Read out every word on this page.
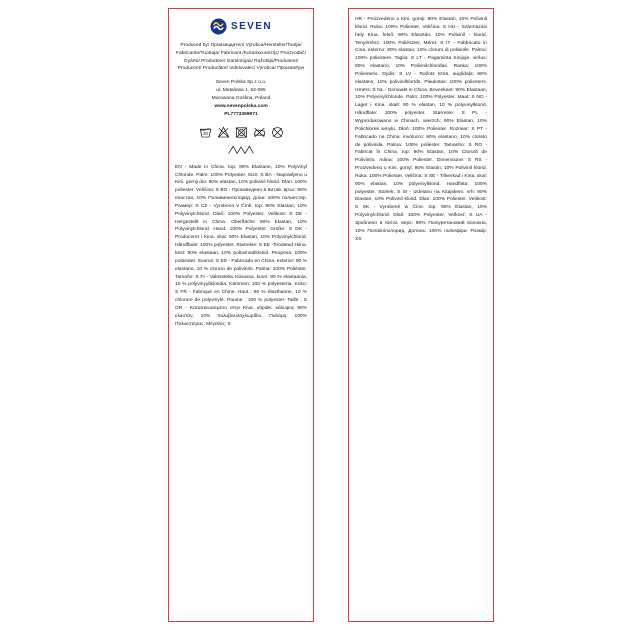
SEVEN
Produced by/ Производител/ Výrobca/Hersteller/Tootja/ Fabricante/Tuottaja/ Fabricant /Κατασκευαστής/ Proizvođač/ Gyártó/ Produttore/ Gamintojas/ Ražotājs/Produsent/ Producent/ Producător/ Izdelovalec/ Výrobca/ Произвођач
Seven Polska Sp z o.o.
ul. Metalowa 1, 62-095
Murowana Goślina, Poland
www.sevenpolska.com
PL7773359971
30
EN - Made in China. top: 90% Elastane, 10% Polyvinyl Chloride. Palm: 100% Polyester. Size: S BA - Napravljeno u Kini. gornji dio: 90% elastan, 10% polivinil hlorid. Dlan: 100% poliester. Veličina: S BG - Произведено в Китай. връх: 90% еластан, 10% Поливинилхлорид. длан: 100% полиестер. Размер: S CZ - Vyrobeno v Číně. top: 90% Elastan, 10% Polyvinylchlorid. Dlaň: 100% Polyester. Velikost: S DE - Hergestellt in China. Oberfläche 90% Elastan, 10% Polyvinylchlorid. Hand: 100% Polyester. Größe: S DK - Produceret i Kina. skal: 90% Elastan, 10% Polyvinylchlorid. Håndflade: 100% polyester. Størrelse: S EE -Toodetud Hiina. kest: 90% elastaan, 10% polüvinüülkloriid. Peopesa: 100% polüester. Suurus: S ES - Fabricado en China. exterior: 90 % elastano, 10 % cloruro de polivinilo. Palma: 100% Poliéster. Tamaño: S FI - Valmistettu Kiinassa. kuori: 90 % elastaania, 10 % polyvinyylikloridia. Kämmen: 100 % polyesteria. Koko: S FR - Fabriqué en Chine. Haut : 90 % élasthanne, 10 % chlorure de polyvinyle. Paume : 100 % polyester. Taille : S GR - Κατασκευασμένο στην Κίνα. vitρίde: κάλυψος 90% ελαστάν, 10% πολυβινυλοχλωρίδιο. Παλάμη: 100% Πολυεστέρας. Μέγεθος: S
HR - Proizvedeno u Kini. gornji: 90% Elastan, 10% Polivinil klorid. Ruka: 100% Poliester, Veličina: S HU - Származási hely Kína. felső: 90% Elasztán, 10% Polivinil - klorid. Tenyérrész: 100% Poliészter, Méret: S IT - Fabbricato in Cina. esterno: 90% elastan, 10% cloruro di polivinile. Palmo: 100% poliestere. Taglia: S LT - Pagaminta Kinijoje. viršus: 90% elastano, 10% Polivinilchloridas. Ranka: 100% Poliesteris. Dydis: S LV - Ražots Ķīnā. augšdaļa: 90% elastāns, 10% polivinilhlorīds. Plaukstas: 100% poliesters. Izmērs: S NL - Gemaakt in China. Bovenkant: 90% Elastaan, 10% Polyvinylchloride. Palm: 100% Polyester. Maat: S NO - Laget i Kina. skall: 90 % elastan, 10 % polyvinylklorid. Håndflate: 100% polyester. Størrelse: S PL - Wyprodukowano w Chinach. wierzch: 90% Elastan, 10% Polichlorek winylu. Dłoń: 100% Poliester. Rozmiar: S PT - Fabricado na China. invólucro: 90% elastano, 10% cloreto de polivinila. Palma: 100% poliéster. Tamanho: S RO - Fabricat în China. top: 90% Elastan, 10% Clorură de Polivinilo. mâna: 100% Poliester. Dimensiune: S RS - Proizvedeno u Kini. gornji: 90% Elastin, 10% Polivinil hlorid. Ruka: 100% Poliester, Veličina: S SE - Tillverkad i Kina. skal: 90% elastan, 10% polyvinylklorid. Handflata: 100% polyester. Storlek: S SI - Izdelano na Kitajskem. vrh: 90% Elastan, 10% Polivinil klorid. Dlan: 100% Poliester. Velikost: S SK - Vyrobené w Číne. top: 90% Elastan, 10% Polyvinylchlorid. Dlaň: 100% Polyester, Veľkosť: S UA - Зроблено в Китаї. верх: 90% Поліуретановий волокна, 10% Полівінілхлорид. Долонь: 100% поліефіри. Розмір: XS
